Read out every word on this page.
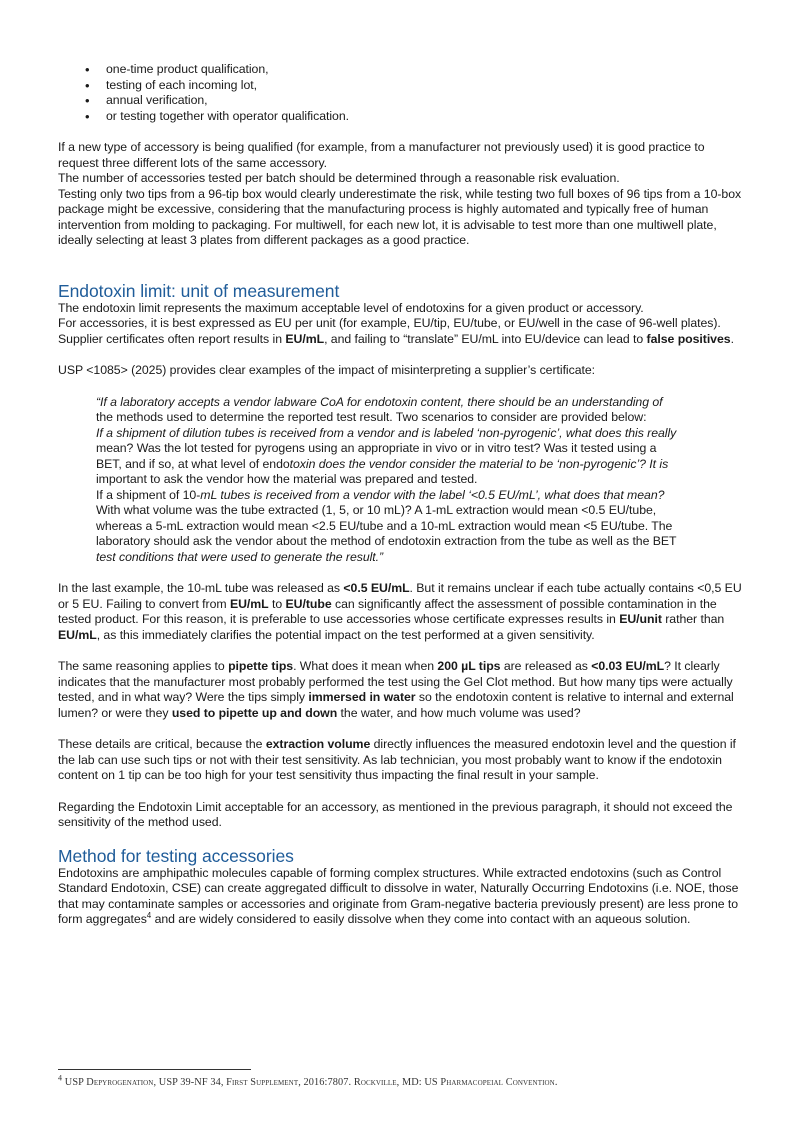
• one-time product qualification,
• testing of each incoming lot,
• annual verification,
• or testing together with operator qualification.

If a new type of accessory is being qualified (for example, from a manufacturer not previously used) it is good practice to request three different lots of the same accessory.

The number of accessories tested per batch should be determined through a reasonable risk evaluation.

Testing only two tips from a 96-tip box would clearly underestimate the risk, while testing two full boxes of 96 tips from a 10-box package might be excessive, considering that the manufacturing process is highly automated and typically free of human intervention from molding to packaging. For multiwell, for each new lot, it is advisable to test more than one multiwell plate, ideally selecting at least 3 plates from different packages as a good practice.

Endotoxin limit: unit of measurement

The endotoxin limit represents the maximum acceptable level of endotoxins for a given product or accessory.

For accessories, it is best expressed as EU per unit (for example, EU/tip, EU/tube, or EU/well in the case of 96-well plates).

Supplier certificates often report results in EU/mL, and failing to “translate” EU/mL into EU/device can lead to false positives.

USP <1085> (2025) provides clear examples of the impact of misinterpreting a supplier’s certificate:

“If a laboratory accepts a vendor labware CoA for endotoxin content, there should be an understanding of

the methods used to determine the reported test result. Two scenarios to consider are provided below:

If a shipment of dilution tubes is received from a vendor and is labeled ‘non-pyrogenic’, what does this really

mean? Was the lot tested for pyrogens using an appropriate in vivo or in vitro test? Was it tested using a

BET, and if so, at what level of endotoxin does the vendor consider the material to be ‘non-pyrogenic’? It is

important to ask the vendor how the material was prepared and tested.

If a shipment of 10-mL tubes is received from a vendor with the label ‘<0.5 EU/mL’, what does that mean?

With what volume was the tube extracted (1, 5, or 10 mL)? A 1-mL extraction would mean <0.5 EU/tube,

whereas a 5-mL extraction would mean <2.5 EU/tube and a 10-mL extraction would mean <5 EU/tube. The

laboratory should ask the vendor about the method of endotoxin extraction from the tube as well as the BET

test conditions that were used to generate the result.”

In the last example, the 10-mL tube was released as <0.5 EU/mL. But it remains unclear if each tube actually contains <0,5 EU or 5 EU. Failing to convert from EU/mL to EU/tube can significantly affect the assessment of possible contamination in the tested product. For this reason, it is preferable to use accessories whose certificate expresses results in EU/unit rather than EU/mL, as this immediately clarifies the potential impact on the test performed at a given sensitivity.

The same reasoning applies to pipette tips. What does it mean when 200 µL tips are released as <0.03 EU/mL? It clearly indicates that the manufacturer most probably performed the test using the Gel Clot method. But how many tips were actually tested, and in what way? Were the tips simply immersed in water so the endotoxin content is relative to internal and external lumen? or were they used to pipette up and down the water, and how much volume was used?

These details are critical, because the extraction volume directly influences the measured endotoxin level and the question if the lab can use such tips or not with their test sensitivity. As lab technician, you most probably want to know if the endotoxin content on 1 tip can be too high for your test sensitivity thus impacting the final result in your sample.

Regarding the Endotoxin Limit acceptable for an accessory, as mentioned in the previous paragraph, it should not exceed the sensitivity of the method used.

Method for testing accessories

Endotoxins are amphipathic molecules capable of forming complex structures. While extracted endotoxins (such as Control Standard Endotoxin, CSE) can create aggregated difficult to dissolve in water, Naturally Occurring Endotoxins (i.e. NOE, those that may contaminate samples or accessories and originate from Gram-negative bacteria previously present) are less prone to form aggregates$^4$ and are widely considered to easily dissolve when they come into contact with an aqueous solution.

$^4$ USP Depyrogenation, USP 39-NF 34, First Supplement, 2016:7807. Rockville, MD: US Pharmacopeial Convention.
